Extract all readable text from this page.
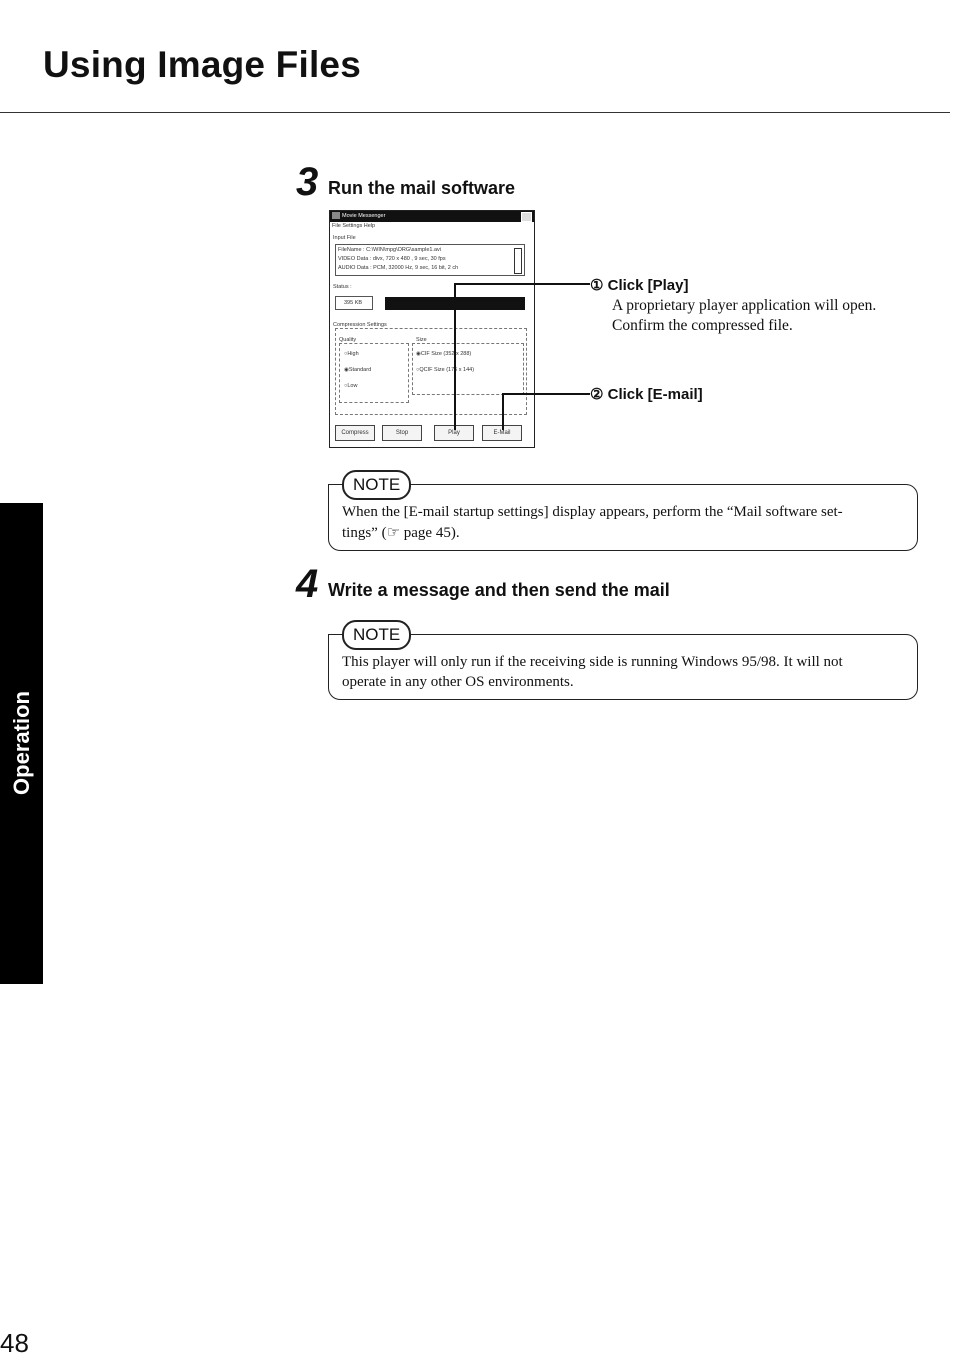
Using Image Files
Operation
3 Run the mail software
Movie Messenger
File Settings Help
Input File
FileName : C:\WIN\mpg\ORG\sample1.avi
VIDEO Data : divx, 720 x 480 , 9 sec, 30 fps
AUDIO Data : PCM, 32000 Hz, 9 sec, 16 bit, 2 ch
Status :
395 KB
Compression Settings
Quality
○High
◉Standard
○Low
Size
◉CIF Size (352 x 288)
○QCIF Size (176 x 144)
Compress	Stop	Play	E-Mail
① Click [Play]
A proprietary player application will open.
Confirm the compressed file.
② Click [E-mail]
When the [E-mail startup settings] display appears, perform the “Mail software set-
tings” (☞ page 45).
NOTE
4 Write a message and then send the mail
This player will only run if the receiving side is running Windows 95/98. It will not
operate in any other OS environments.
NOTE
48
